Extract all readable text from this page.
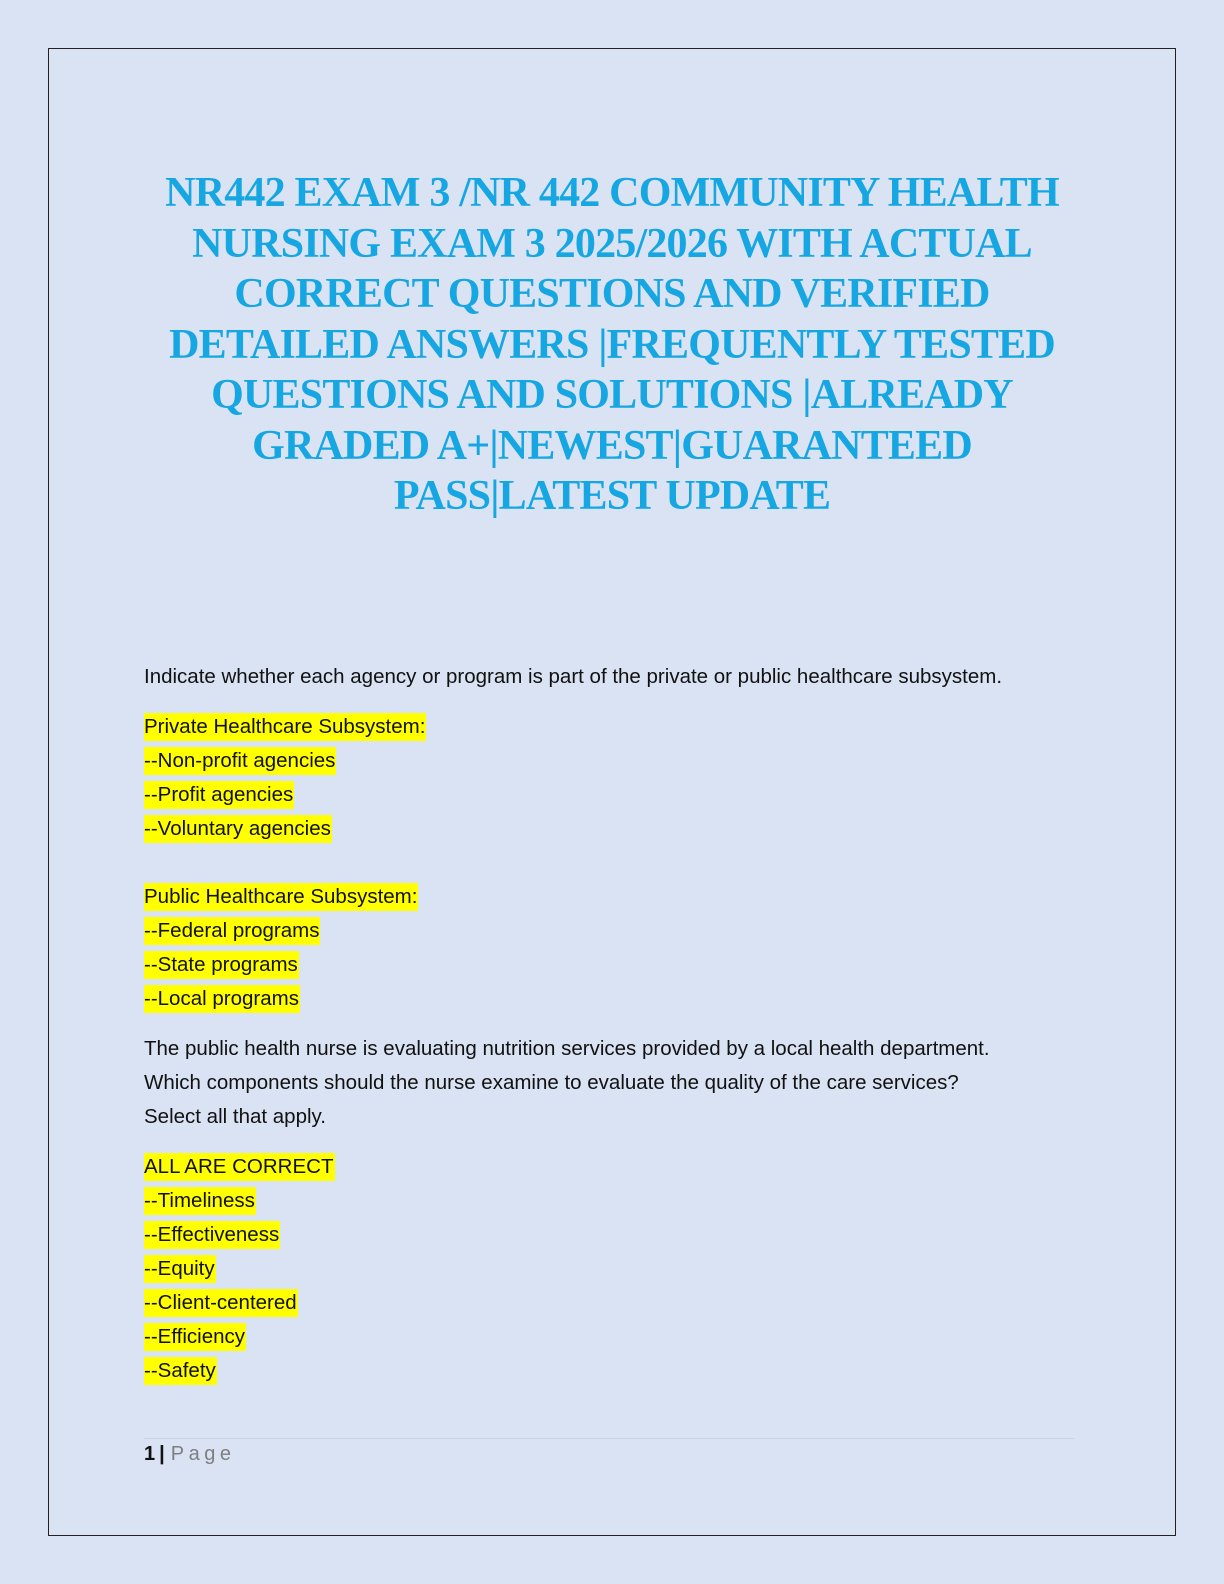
NR442 EXAM 3 /NR 442 COMMUNITY HEALTH NURSING EXAM 3 2025/2026 WITH ACTUAL CORRECT QUESTIONS AND VERIFIED DETAILED ANSWERS |FREQUENTLY TESTED QUESTIONS AND SOLUTIONS |ALREADY GRADED A+|NEWEST|GUARANTEED PASS|LATEST UPDATE
Indicate whether each agency or program is part of the private or public healthcare subsystem.
Private Healthcare Subsystem:
--Non-profit agencies
--Profit agencies
--Voluntary agencies
Public Healthcare Subsystem:
--Federal programs
--State programs
--Local programs
The public health nurse is evaluating nutrition services provided by a local health department.
Which components should the nurse examine to evaluate the quality of the care services?
Select all that apply.
ALL ARE CORRECT
--Timeliness
--Effectiveness
--Equity
--Client-centered
--Efficiency
--Safety
1 | Page
